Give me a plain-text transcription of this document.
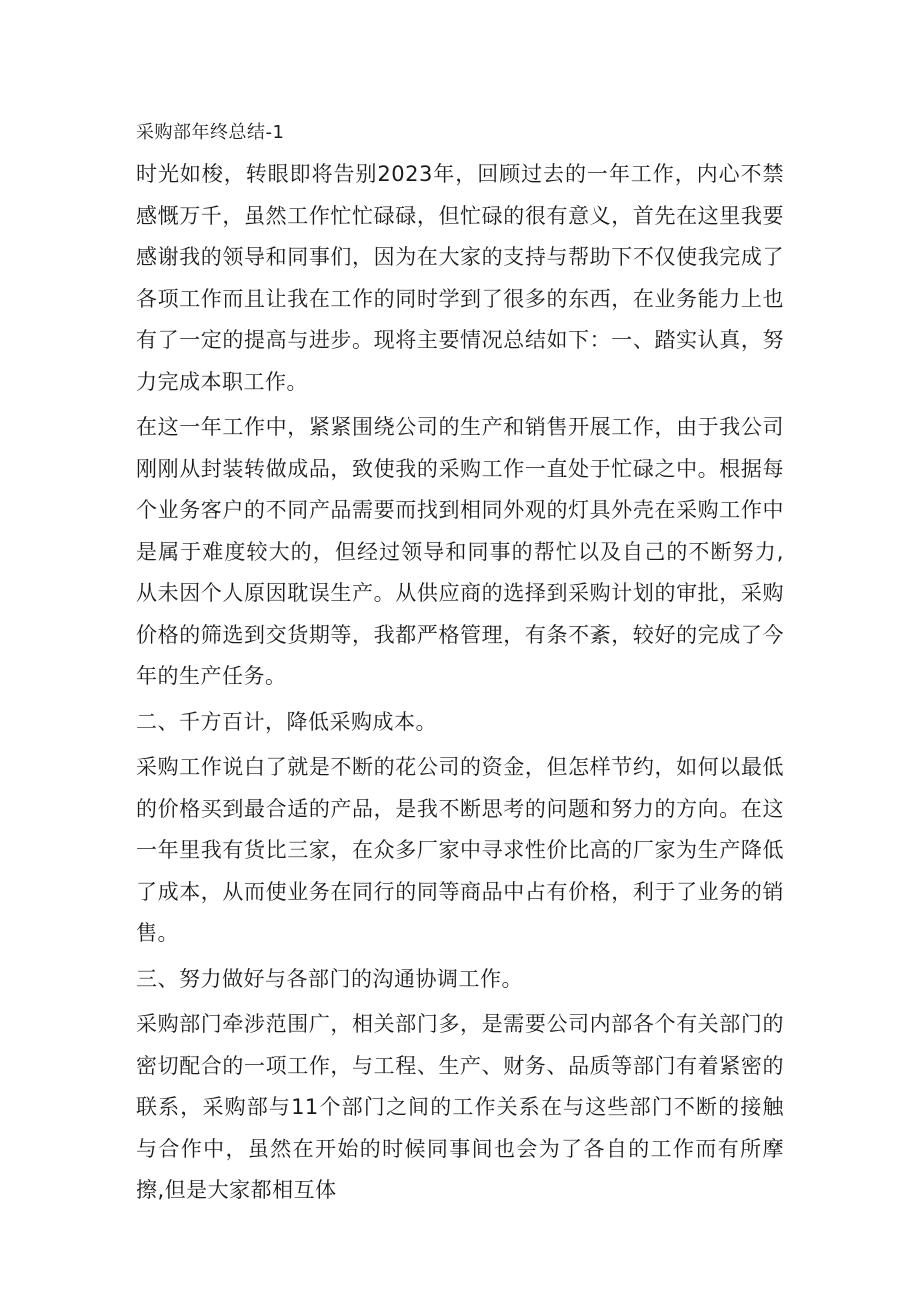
采购部年终总结-1

时光如梭，转眼即将告别2023年，回顾过去的一年工作，内心不禁感慨万千，虽然工作忙忙碌碌，但忙碌的很有意义，首先在这里我要感谢我的领导和同事们，因为在大家的支持与帮助下不仅使我完成了各项工作而且让我在工作的同时学到了很多的东西，在业务能力上也有了一定的提高与进步。现将主要情况总结如下：一、踏实认真，努力完成本职工作。

在这一年工作中，紧紧围绕公司的生产和销售开展工作，由于我公司刚刚从封装转做成品，致使我的采购工作一直处于忙碌之中。根据每个业务客户的不同产品需要而找到相同外观的灯具外壳在采购工作中是属于难度较大的，但经过领导和同事的帮忙以及自己的不断努力,从未因个人原因耽误生产。从供应商的选择到采购计划的审批，采购价格的筛选到交货期等，我都严格管理，有条不紊，较好的完成了今年的生产任务。

二、千方百计，降低采购成本。

采购工作说白了就是不断的花公司的资金，但怎样节约，如何以最低的价格买到最合适的产品，是我不断思考的问题和努力的方向。在这一年里我有货比三家，在众多厂家中寻求性价比高的厂家为生产降低了成本，从而使业务在同行的同等商品中占有价格，利于了业务的销售。

三、努力做好与各部门的沟通协调工作。

采购部门牵涉范围广，相关部门多，是需要公司内部各个有关部门的密切配合的一项工作，与工程、生产、财务、品质等部门有着紧密的联系，采购部与11个部门之间的工作关系在与这些部门不断的接触与合作中，虽然在开始的时候同事间也会为了各自的工作而有所摩擦,但是大家都相互体
